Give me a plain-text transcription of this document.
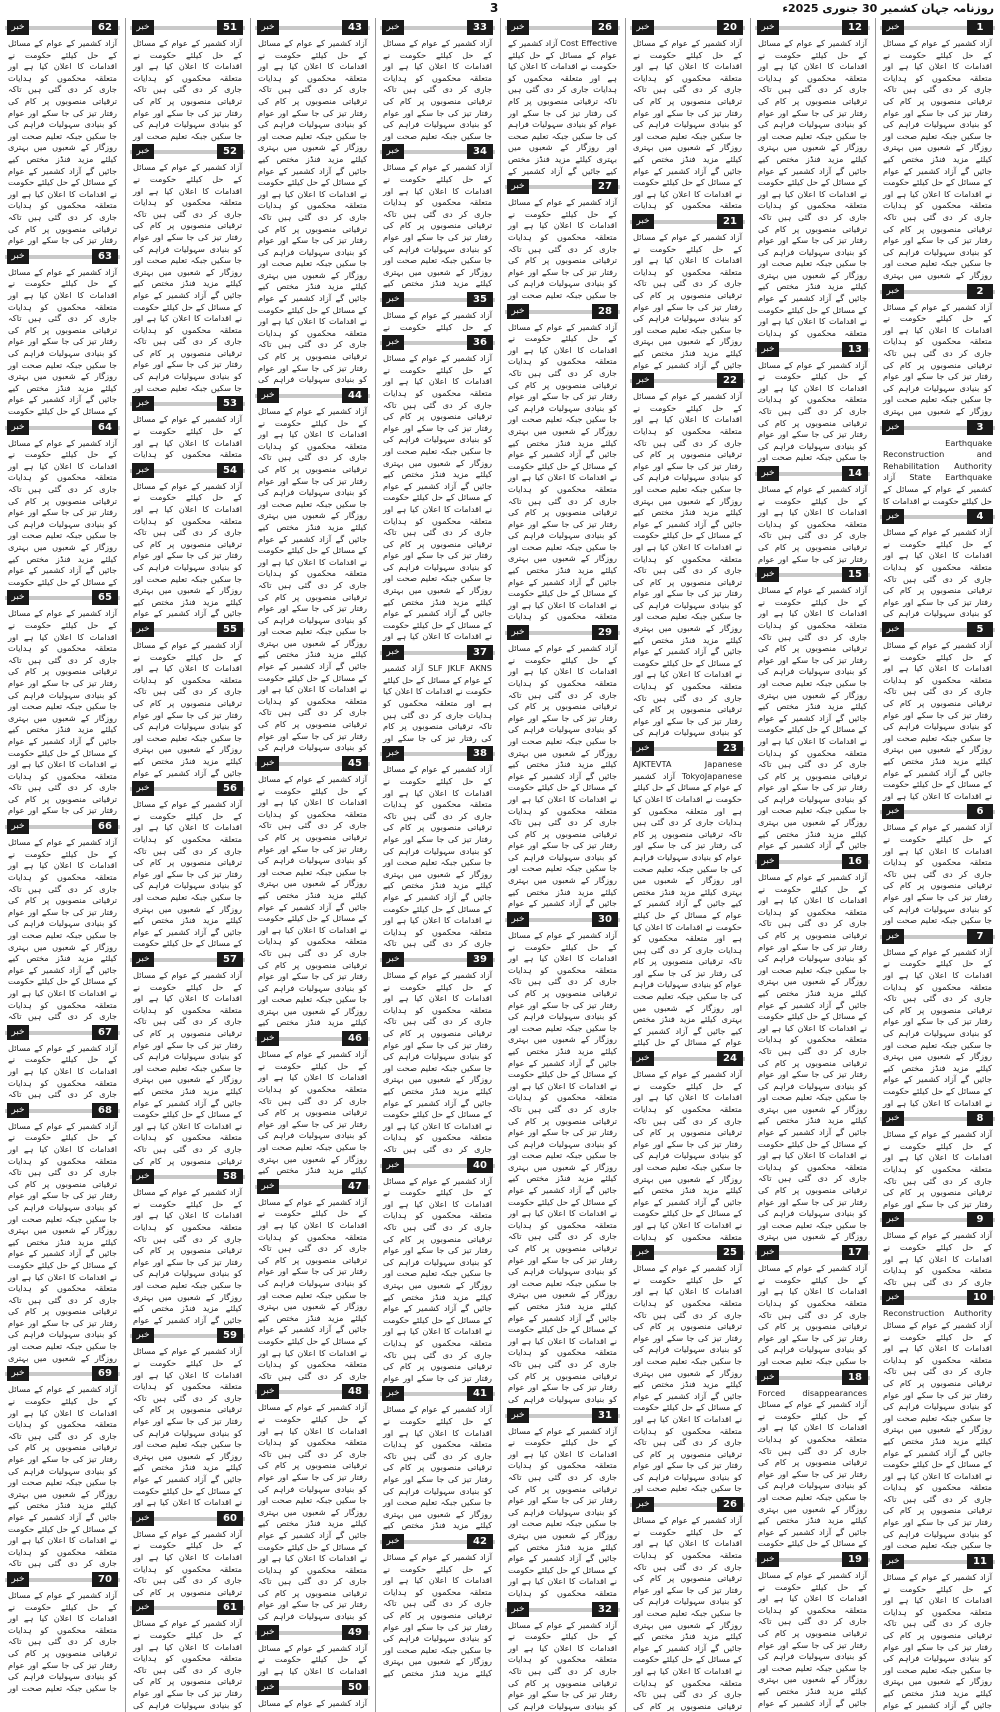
3	روزنامہ جہان کشمیر 30 جنوری 2025ء
1
خبر
آزاد کشمیر کے عوام کے مسائل کے حل کیلئے حکومت نے اقدامات کا اعلان کیا ہے اور متعلقہ محکموں کو ہدایات جاری کر دی گئی ہیں تاکہ ترقیاتی منصوبوں پر کام کی رفتار تیز کی جا سکے اور عوام کو بنیادی سہولیات فراہم کی جا سکیں جبکہ تعلیم صحت اور روزگار کے شعبوں میں بہتری کیلئے مزید فنڈز مختص کیے جائیں گے آزاد کشمیر کے عوام کے مسائل کے حل کیلئے حکومت نے اقدامات کا اعلان کیا ہے اور متعلقہ محکموں کو ہدایات جاری کر دی گئی ہیں تاکہ ترقیاتی منصوبوں پر کام کی رفتار تیز کی جا سکے اور عوام کو بنیادی سہولیات فراہم کی جا سکیں جبکہ تعلیم صحت اور روزگار کے شعبوں میں بہتری
2
خبر
آزاد کشمیر کے عوام کے مسائل کے حل کیلئے حکومت نے اقدامات کا اعلان کیا ہے اور متعلقہ محکموں کو ہدایات جاری کر دی گئی ہیں تاکہ ترقیاتی منصوبوں پر کام کی رفتار تیز کی جا سکے اور عوام کو بنیادی سہولیات فراہم کی جا سکیں جبکہ تعلیم صحت اور روزگار کے شعبوں میں بہتری
3
خبر
Earthquake Reconstruction and Rehabilitation Authority State Earthquake آزاد کشمیر کے عوام کے مسائل کے حل کیلئے حکومت نے اقدامات کا
4
خبر
آزاد کشمیر کے عوام کے مسائل کے حل کیلئے حکومت نے اقدامات کا اعلان کیا ہے اور متعلقہ محکموں کو ہدایات جاری کر دی گئی ہیں تاکہ ترقیاتی منصوبوں پر کام کی رفتار تیز کی جا سکے اور عوام کو بنیادی سہولیات فراہم کی
5
خبر
آزاد کشمیر کے عوام کے مسائل کے حل کیلئے حکومت نے اقدامات کا اعلان کیا ہے اور متعلقہ محکموں کو ہدایات جاری کر دی گئی ہیں تاکہ ترقیاتی منصوبوں پر کام کی رفتار تیز کی جا سکے اور عوام کو بنیادی سہولیات فراہم کی جا سکیں جبکہ تعلیم صحت اور روزگار کے شعبوں میں بہتری کیلئے مزید فنڈز مختص کیے جائیں گے آزاد کشمیر کے عوام کے مسائل کے حل کیلئے حکومت نے اقدامات کا اعلان کیا ہے اور
6
خبر
آزاد کشمیر کے عوام کے مسائل کے حل کیلئے حکومت نے اقدامات کا اعلان کیا ہے اور متعلقہ محکموں کو ہدایات جاری کر دی گئی ہیں تاکہ ترقیاتی منصوبوں پر کام کی رفتار تیز کی جا سکے اور عوام کو بنیادی سہولیات فراہم کی جا سکیں جبکہ تعلیم صحت اور
7
خبر
آزاد کشمیر کے عوام کے مسائل کے حل کیلئے حکومت نے اقدامات کا اعلان کیا ہے اور متعلقہ محکموں کو ہدایات جاری کر دی گئی ہیں تاکہ ترقیاتی منصوبوں پر کام کی رفتار تیز کی جا سکے اور عوام کو بنیادی سہولیات فراہم کی جا سکیں جبکہ تعلیم صحت اور روزگار کے شعبوں میں بہتری کیلئے مزید فنڈز مختص کیے جائیں گے آزاد کشمیر کے عوام کے مسائل کے حل کیلئے حکومت نے اقدامات کا اعلان کیا ہے اور
8
خبر
آزاد کشمیر کے عوام کے مسائل کے حل کیلئے حکومت نے اقدامات کا اعلان کیا ہے اور متعلقہ محکموں کو ہدایات جاری کر دی گئی ہیں تاکہ ترقیاتی منصوبوں پر کام کی رفتار تیز کی جا سکے اور عوام
9
خبر
آزاد کشمیر کے عوام کے مسائل کے حل کیلئے حکومت نے اقدامات کا اعلان کیا ہے اور متعلقہ محکموں کو ہدایات جاری کر دی گئی ہیں تاکہ
10
خبر
Reconstruction Authority آزاد کشمیر کے عوام کے مسائل کے حل کیلئے حکومت نے اقدامات کا اعلان کیا ہے اور متعلقہ محکموں کو ہدایات جاری کر دی گئی ہیں تاکہ ترقیاتی منصوبوں پر کام کی رفتار تیز کی جا سکے اور عوام کو بنیادی سہولیات فراہم کی جا سکیں جبکہ تعلیم صحت اور روزگار کے شعبوں میں بہتری کیلئے مزید فنڈز مختص کیے جائیں گے آزاد کشمیر کے عوام کے مسائل کے حل کیلئے حکومت نے اقدامات کا اعلان کیا ہے اور متعلقہ محکموں کو ہدایات جاری کر دی گئی ہیں تاکہ ترقیاتی منصوبوں پر کام کی رفتار تیز کی جا سکے اور عوام کو بنیادی سہولیات فراہم کی جا سکیں جبکہ تعلیم صحت اور
11
خبر
آزاد کشمیر کے عوام کے مسائل کے حل کیلئے حکومت نے اقدامات کا اعلان کیا ہے اور متعلقہ محکموں کو ہدایات جاری کر دی گئی ہیں تاکہ ترقیاتی منصوبوں پر کام کی رفتار تیز کی جا سکے اور عوام کو بنیادی سہولیات فراہم کی جا سکیں جبکہ تعلیم صحت اور روزگار کے شعبوں میں بہتری کیلئے مزید فنڈز مختص کیے جائیں گے آزاد کشمیر کے عوام
12
خبر
آزاد کشمیر کے عوام کے مسائل کے حل کیلئے حکومت نے اقدامات کا اعلان کیا ہے اور متعلقہ محکموں کو ہدایات جاری کر دی گئی ہیں تاکہ ترقیاتی منصوبوں پر کام کی رفتار تیز کی جا سکے اور عوام کو بنیادی سہولیات فراہم کی جا سکیں جبکہ تعلیم صحت اور روزگار کے شعبوں میں بہتری کیلئے مزید فنڈز مختص کیے جائیں گے آزاد کشمیر کے عوام کے مسائل کے حل کیلئے حکومت نے اقدامات کا اعلان کیا ہے اور متعلقہ محکموں کو ہدایات جاری کر دی گئی ہیں تاکہ ترقیاتی منصوبوں پر کام کی رفتار تیز کی جا سکے اور عوام کو بنیادی سہولیات فراہم کی جا سکیں جبکہ تعلیم صحت اور روزگار کے شعبوں میں بہتری کیلئے مزید فنڈز مختص کیے جائیں گے آزاد کشمیر کے عوام کے مسائل کے حل کیلئے حکومت نے اقدامات کا اعلان کیا ہے اور متعلقہ محکموں کو ہدایات
13
خبر
آزاد کشمیر کے عوام کے مسائل کے حل کیلئے حکومت نے اقدامات کا اعلان کیا ہے اور متعلقہ محکموں کو ہدایات جاری کر دی گئی ہیں تاکہ ترقیاتی منصوبوں پر کام کی رفتار تیز کی جا سکے اور عوام کو بنیادی سہولیات فراہم کی جا سکیں جبکہ تعلیم صحت اور
14
خبر
آزاد کشمیر کے عوام کے مسائل کے حل کیلئے حکومت نے اقدامات کا اعلان کیا ہے اور متعلقہ محکموں کو ہدایات جاری کر دی گئی ہیں تاکہ ترقیاتی منصوبوں پر کام کی رفتار تیز کی جا سکے اور عوام
15
خبر
آزاد کشمیر کے عوام کے مسائل کے حل کیلئے حکومت نے اقدامات کا اعلان کیا ہے اور متعلقہ محکموں کو ہدایات جاری کر دی گئی ہیں تاکہ ترقیاتی منصوبوں پر کام کی رفتار تیز کی جا سکے اور عوام کو بنیادی سہولیات فراہم کی جا سکیں جبکہ تعلیم صحت اور روزگار کے شعبوں میں بہتری کیلئے مزید فنڈز مختص کیے جائیں گے آزاد کشمیر کے عوام کے مسائل کے حل کیلئے حکومت نے اقدامات کا اعلان کیا ہے اور متعلقہ محکموں کو ہدایات جاری کر دی گئی ہیں تاکہ ترقیاتی منصوبوں پر کام کی رفتار تیز کی جا سکے اور عوام کو بنیادی سہولیات فراہم کی جا سکیں جبکہ تعلیم صحت اور روزگار کے شعبوں میں بہتری کیلئے مزید فنڈز مختص کیے جائیں گے آزاد کشمیر کے عوام
16
خبر
آزاد کشمیر کے عوام کے مسائل کے حل کیلئے حکومت نے اقدامات کا اعلان کیا ہے اور متعلقہ محکموں کو ہدایات جاری کر دی گئی ہیں تاکہ ترقیاتی منصوبوں پر کام کی رفتار تیز کی جا سکے اور عوام کو بنیادی سہولیات فراہم کی جا سکیں جبکہ تعلیم صحت اور روزگار کے شعبوں میں بہتری کیلئے مزید فنڈز مختص کیے جائیں گے آزاد کشمیر کے عوام کے مسائل کے حل کیلئے حکومت نے اقدامات کا اعلان کیا ہے اور متعلقہ محکموں کو ہدایات جاری کر دی گئی ہیں تاکہ ترقیاتی منصوبوں پر کام کی رفتار تیز کی جا سکے اور عوام کو بنیادی سہولیات فراہم کی جا سکیں جبکہ تعلیم صحت اور روزگار کے شعبوں میں بہتری کیلئے مزید فنڈز مختص کیے جائیں گے آزاد کشمیر کے عوام کے مسائل کے حل کیلئے حکومت نے اقدامات کا اعلان کیا ہے اور متعلقہ محکموں کو ہدایات جاری کر دی گئی ہیں تاکہ ترقیاتی منصوبوں پر کام کی رفتار تیز کی جا سکے اور عوام کو بنیادی سہولیات فراہم کی جا سکیں جبکہ تعلیم صحت اور روزگار کے شعبوں میں بہتری
17
خبر
آزاد کشمیر کے عوام کے مسائل کے حل کیلئے حکومت نے اقدامات کا اعلان کیا ہے اور متعلقہ محکموں کو ہدایات جاری کر دی گئی ہیں تاکہ ترقیاتی منصوبوں پر کام کی رفتار تیز کی جا سکے اور عوام کو بنیادی سہولیات فراہم کی جا سکیں جبکہ تعلیم صحت اور
18
خبر
Forced disappearances آزاد کشمیر کے عوام کے مسائل کے حل کیلئے حکومت نے اقدامات کا اعلان کیا ہے اور متعلقہ محکموں کو ہدایات جاری کر دی گئی ہیں تاکہ ترقیاتی منصوبوں پر کام کی رفتار تیز کی جا سکے اور عوام کو بنیادی سہولیات فراہم کی جا سکیں جبکہ تعلیم صحت اور روزگار کے شعبوں میں بہتری کیلئے مزید فنڈز مختص کیے جائیں گے آزاد کشمیر کے عوام کے مسائل کے حل کیلئے حکومت
19
خبر
آزاد کشمیر کے عوام کے مسائل کے حل کیلئے حکومت نے اقدامات کا اعلان کیا ہے اور متعلقہ محکموں کو ہدایات جاری کر دی گئی ہیں تاکہ ترقیاتی منصوبوں پر کام کی رفتار تیز کی جا سکے اور عوام کو بنیادی سہولیات فراہم کی جا سکیں جبکہ تعلیم صحت اور روزگار کے شعبوں میں بہتری کیلئے مزید فنڈز مختص کیے جائیں گے آزاد کشمیر کے عوام
20
خبر
آزاد کشمیر کے عوام کے مسائل کے حل کیلئے حکومت نے اقدامات کا اعلان کیا ہے اور متعلقہ محکموں کو ہدایات جاری کر دی گئی ہیں تاکہ ترقیاتی منصوبوں پر کام کی رفتار تیز کی جا سکے اور عوام کو بنیادی سہولیات فراہم کی جا سکیں جبکہ تعلیم صحت اور روزگار کے شعبوں میں بہتری کیلئے مزید فنڈز مختص کیے جائیں گے آزاد کشمیر کے عوام کے مسائل کے حل کیلئے حکومت نے اقدامات کا اعلان کیا ہے اور متعلقہ محکموں کو ہدایات
21
خبر
آزاد کشمیر کے عوام کے مسائل کے حل کیلئے حکومت نے اقدامات کا اعلان کیا ہے اور متعلقہ محکموں کو ہدایات جاری کر دی گئی ہیں تاکہ ترقیاتی منصوبوں پر کام کی رفتار تیز کی جا سکے اور عوام کو بنیادی سہولیات فراہم کی جا سکیں جبکہ تعلیم صحت اور روزگار کے شعبوں میں بہتری کیلئے مزید فنڈز مختص کیے جائیں گے آزاد کشمیر کے عوام
22
خبر
آزاد کشمیر کے عوام کے مسائل کے حل کیلئے حکومت نے اقدامات کا اعلان کیا ہے اور متعلقہ محکموں کو ہدایات جاری کر دی گئی ہیں تاکہ ترقیاتی منصوبوں پر کام کی رفتار تیز کی جا سکے اور عوام کو بنیادی سہولیات فراہم کی جا سکیں جبکہ تعلیم صحت اور روزگار کے شعبوں میں بہتری کیلئے مزید فنڈز مختص کیے جائیں گے آزاد کشمیر کے عوام کے مسائل کے حل کیلئے حکومت نے اقدامات کا اعلان کیا ہے اور متعلقہ محکموں کو ہدایات جاری کر دی گئی ہیں تاکہ ترقیاتی منصوبوں پر کام کی رفتار تیز کی جا سکے اور عوام کو بنیادی سہولیات فراہم کی جا سکیں جبکہ تعلیم صحت اور روزگار کے شعبوں میں بہتری کیلئے مزید فنڈز مختص کیے جائیں گے آزاد کشمیر کے عوام کے مسائل کے حل کیلئے حکومت نے اقدامات کا اعلان کیا ہے اور متعلقہ محکموں کو ہدایات جاری کر دی گئی ہیں تاکہ ترقیاتی منصوبوں پر کام کی رفتار تیز کی جا سکے اور عوام کو بنیادی سہولیات فراہم کی
23
خبر
AJKTEVTA Japanese TokyoJapanese آزاد کشمیر کے عوام کے مسائل کے حل کیلئے حکومت نے اقدامات کا اعلان کیا ہے اور متعلقہ محکموں کو ہدایات جاری کر دی گئی ہیں تاکہ ترقیاتی منصوبوں پر کام کی رفتار تیز کی جا سکے اور عوام کو بنیادی سہولیات فراہم کی جا سکیں جبکہ تعلیم صحت اور روزگار کے شعبوں میں بہتری کیلئے مزید فنڈز مختص کیے جائیں گے آزاد کشمیر کے عوام کے مسائل کے حل کیلئے حکومت نے اقدامات کا اعلان کیا ہے اور متعلقہ محکموں کو ہدایات جاری کر دی گئی ہیں تاکہ ترقیاتی منصوبوں پر کام کی رفتار تیز کی جا سکے اور عوام کو بنیادی سہولیات فراہم کی جا سکیں جبکہ تعلیم صحت اور روزگار کے شعبوں میں بہتری کیلئے مزید فنڈز مختص کیے جائیں گے آزاد کشمیر کے عوام کے مسائل کے حل کیلئے
24
خبر
آزاد کشمیر کے عوام کے مسائل کے حل کیلئے حکومت نے اقدامات کا اعلان کیا ہے اور متعلقہ محکموں کو ہدایات جاری کر دی گئی ہیں تاکہ ترقیاتی منصوبوں پر کام کی رفتار تیز کی جا سکے اور عوام کو بنیادی سہولیات فراہم کی جا سکیں جبکہ تعلیم صحت اور روزگار کے شعبوں میں بہتری کیلئے مزید فنڈز مختص کیے جائیں گے آزاد کشمیر کے عوام کے مسائل کے حل کیلئے حکومت نے اقدامات کا اعلان کیا ہے اور متعلقہ محکموں کو ہدایات
25
خبر
آزاد کشمیر کے عوام کے مسائل کے حل کیلئے حکومت نے اقدامات کا اعلان کیا ہے اور متعلقہ محکموں کو ہدایات جاری کر دی گئی ہیں تاکہ ترقیاتی منصوبوں پر کام کی رفتار تیز کی جا سکے اور عوام کو بنیادی سہولیات فراہم کی جا سکیں جبکہ تعلیم صحت اور روزگار کے شعبوں میں بہتری کیلئے مزید فنڈز مختص کیے جائیں گے آزاد کشمیر کے عوام کے مسائل کے حل کیلئے حکومت نے اقدامات کا اعلان کیا ہے اور متعلقہ محکموں کو ہدایات جاری کر دی گئی ہیں تاکہ ترقیاتی منصوبوں پر کام کی رفتار تیز کی جا سکے اور عوام کو بنیادی سہولیات فراہم کی جا سکیں جبکہ تعلیم صحت اور
26
خبر
آزاد کشمیر کے عوام کے مسائل کے حل کیلئے حکومت نے اقدامات کا اعلان کیا ہے اور متعلقہ محکموں کو ہدایات جاری کر دی گئی ہیں تاکہ ترقیاتی منصوبوں پر کام کی رفتار تیز کی جا سکے اور عوام کو بنیادی سہولیات فراہم کی جا سکیں جبکہ تعلیم صحت اور روزگار کے شعبوں میں بہتری کیلئے مزید فنڈز مختص کیے جائیں گے آزاد کشمیر کے عوام کے مسائل کے حل کیلئے حکومت نے اقدامات کا اعلان کیا ہے اور متعلقہ محکموں کو ہدایات جاری کر دی گئی ہیں تاکہ ترقیاتی منصوبوں پر کام کی
26
خبر
Cost Effective آزاد کشمیر کے عوام کے مسائل کے حل کیلئے حکومت نے اقدامات کا اعلان کیا ہے اور متعلقہ محکموں کو ہدایات جاری کر دی گئی ہیں تاکہ ترقیاتی منصوبوں پر کام کی رفتار تیز کی جا سکے اور عوام کو بنیادی سہولیات فراہم کی جا سکیں جبکہ تعلیم صحت اور روزگار کے شعبوں میں بہتری کیلئے مزید فنڈز مختص کیے جائیں گے آزاد کشمیر کے
27
خبر
آزاد کشمیر کے عوام کے مسائل کے حل کیلئے حکومت نے اقدامات کا اعلان کیا ہے اور متعلقہ محکموں کو ہدایات جاری کر دی گئی ہیں تاکہ ترقیاتی منصوبوں پر کام کی رفتار تیز کی جا سکے اور عوام کو بنیادی سہولیات فراہم کی جا سکیں جبکہ تعلیم صحت اور
28
خبر
آزاد کشمیر کے عوام کے مسائل کے حل کیلئے حکومت نے اقدامات کا اعلان کیا ہے اور متعلقہ محکموں کو ہدایات جاری کر دی گئی ہیں تاکہ ترقیاتی منصوبوں پر کام کی رفتار تیز کی جا سکے اور عوام کو بنیادی سہولیات فراہم کی جا سکیں جبکہ تعلیم صحت اور روزگار کے شعبوں میں بہتری کیلئے مزید فنڈز مختص کیے جائیں گے آزاد کشمیر کے عوام کے مسائل کے حل کیلئے حکومت نے اقدامات کا اعلان کیا ہے اور متعلقہ محکموں کو ہدایات جاری کر دی گئی ہیں تاکہ ترقیاتی منصوبوں پر کام کی رفتار تیز کی جا سکے اور عوام کو بنیادی سہولیات فراہم کی جا سکیں جبکہ تعلیم صحت اور روزگار کے شعبوں میں بہتری کیلئے مزید فنڈز مختص کیے جائیں گے آزاد کشمیر کے عوام کے مسائل کے حل کیلئے حکومت نے اقدامات کا اعلان کیا ہے اور متعلقہ محکموں کو ہدایات
29
خبر
آزاد کشمیر کے عوام کے مسائل کے حل کیلئے حکومت نے اقدامات کا اعلان کیا ہے اور متعلقہ محکموں کو ہدایات جاری کر دی گئی ہیں تاکہ ترقیاتی منصوبوں پر کام کی رفتار تیز کی جا سکے اور عوام کو بنیادی سہولیات فراہم کی جا سکیں جبکہ تعلیم صحت اور روزگار کے شعبوں میں بہتری کیلئے مزید فنڈز مختص کیے جائیں گے آزاد کشمیر کے عوام کے مسائل کے حل کیلئے حکومت نے اقدامات کا اعلان کیا ہے اور متعلقہ محکموں کو ہدایات جاری کر دی گئی ہیں تاکہ ترقیاتی منصوبوں پر کام کی رفتار تیز کی جا سکے اور عوام کو بنیادی سہولیات فراہم کی جا سکیں جبکہ تعلیم صحت اور روزگار کے شعبوں میں بہتری کیلئے مزید فنڈز مختص کیے جائیں گے آزاد کشمیر کے عوام
30
خبر
آزاد کشمیر کے عوام کے مسائل کے حل کیلئے حکومت نے اقدامات کا اعلان کیا ہے اور متعلقہ محکموں کو ہدایات جاری کر دی گئی ہیں تاکہ ترقیاتی منصوبوں پر کام کی رفتار تیز کی جا سکے اور عوام کو بنیادی سہولیات فراہم کی جا سکیں جبکہ تعلیم صحت اور روزگار کے شعبوں میں بہتری کیلئے مزید فنڈز مختص کیے جائیں گے آزاد کشمیر کے عوام کے مسائل کے حل کیلئے حکومت نے اقدامات کا اعلان کیا ہے اور متعلقہ محکموں کو ہدایات جاری کر دی گئی ہیں تاکہ ترقیاتی منصوبوں پر کام کی رفتار تیز کی جا سکے اور عوام کو بنیادی سہولیات فراہم کی جا سکیں جبکہ تعلیم صحت اور روزگار کے شعبوں میں بہتری کیلئے مزید فنڈز مختص کیے جائیں گے آزاد کشمیر کے عوام کے مسائل کے حل کیلئے حکومت نے اقدامات کا اعلان کیا ہے اور متعلقہ محکموں کو ہدایات جاری کر دی گئی ہیں تاکہ ترقیاتی منصوبوں پر کام کی رفتار تیز کی جا سکے اور عوام کو بنیادی سہولیات فراہم کی جا سکیں جبکہ تعلیم صحت اور روزگار کے شعبوں میں بہتری کیلئے مزید فنڈز مختص کیے جائیں گے آزاد کشمیر کے عوام کے مسائل کے حل کیلئے حکومت نے اقدامات کا اعلان کیا ہے اور متعلقہ محکموں کو ہدایات جاری کر دی گئی ہیں تاکہ ترقیاتی منصوبوں پر کام کی رفتار تیز کی جا سکے اور عوام کو بنیادی سہولیات فراہم کی
31
خبر
آزاد کشمیر کے عوام کے مسائل کے حل کیلئے حکومت نے اقدامات کا اعلان کیا ہے اور متعلقہ محکموں کو ہدایات جاری کر دی گئی ہیں تاکہ ترقیاتی منصوبوں پر کام کی رفتار تیز کی جا سکے اور عوام کو بنیادی سہولیات فراہم کی جا سکیں جبکہ تعلیم صحت اور روزگار کے شعبوں میں بہتری کیلئے مزید فنڈز مختص کیے جائیں گے آزاد کشمیر کے عوام کے مسائل کے حل کیلئے حکومت نے اقدامات کا اعلان کیا ہے اور متعلقہ محکموں کو ہدایات
32
خبر
آزاد کشمیر کے عوام کے مسائل کے حل کیلئے حکومت نے اقدامات کا اعلان کیا ہے اور متعلقہ محکموں کو ہدایات جاری کر دی گئی ہیں تاکہ ترقیاتی منصوبوں پر کام کی رفتار تیز کی جا سکے اور عوام کو بنیادی سہولیات فراہم کی
33
خبر
آزاد کشمیر کے عوام کے مسائل کے حل کیلئے حکومت نے اقدامات کا اعلان کیا ہے اور متعلقہ محکموں کو ہدایات جاری کر دی گئی ہیں تاکہ ترقیاتی منصوبوں پر کام کی رفتار تیز کی جا سکے اور عوام کو بنیادی سہولیات فراہم کی جا سکیں جبکہ تعلیم صحت اور
34
خبر
آزاد کشمیر کے عوام کے مسائل کے حل کیلئے حکومت نے اقدامات کا اعلان کیا ہے اور متعلقہ محکموں کو ہدایات جاری کر دی گئی ہیں تاکہ ترقیاتی منصوبوں پر کام کی رفتار تیز کی جا سکے اور عوام کو بنیادی سہولیات فراہم کی جا سکیں جبکہ تعلیم صحت اور روزگار کے شعبوں میں بہتری کیلئے مزید فنڈز مختص کیے
35
خبر
آزاد کشمیر کے عوام کے مسائل کے حل کیلئے حکومت نے
36
خبر
آزاد کشمیر کے عوام کے مسائل کے حل کیلئے حکومت نے اقدامات کا اعلان کیا ہے اور متعلقہ محکموں کو ہدایات جاری کر دی گئی ہیں تاکہ ترقیاتی منصوبوں پر کام کی رفتار تیز کی جا سکے اور عوام کو بنیادی سہولیات فراہم کی جا سکیں جبکہ تعلیم صحت اور روزگار کے شعبوں میں بہتری کیلئے مزید فنڈز مختص کیے جائیں گے آزاد کشمیر کے عوام کے مسائل کے حل کیلئے حکومت نے اقدامات کا اعلان کیا ہے اور متعلقہ محکموں کو ہدایات جاری کر دی گئی ہیں تاکہ ترقیاتی منصوبوں پر کام کی رفتار تیز کی جا سکے اور عوام کو بنیادی سہولیات فراہم کی جا سکیں جبکہ تعلیم صحت اور روزگار کے شعبوں میں بہتری کیلئے مزید فنڈز مختص کیے جائیں گے آزاد کشمیر کے عوام کے مسائل کے حل کیلئے حکومت نے اقدامات کا اعلان کیا ہے اور
37
خبر
SLF JKLF AKNS آزاد کشمیر کے عوام کے مسائل کے حل کیلئے حکومت نے اقدامات کا اعلان کیا ہے اور متعلقہ محکموں کو ہدایات جاری کر دی گئی ہیں تاکہ ترقیاتی منصوبوں پر کام کی رفتار تیز کی جا سکے اور
38
خبر
آزاد کشمیر کے عوام کے مسائل کے حل کیلئے حکومت نے اقدامات کا اعلان کیا ہے اور متعلقہ محکموں کو ہدایات جاری کر دی گئی ہیں تاکہ ترقیاتی منصوبوں پر کام کی رفتار تیز کی جا سکے اور عوام کو بنیادی سہولیات فراہم کی جا سکیں جبکہ تعلیم صحت اور روزگار کے شعبوں میں بہتری کیلئے مزید فنڈز مختص کیے جائیں گے آزاد کشمیر کے عوام کے مسائل کے حل کیلئے حکومت نے اقدامات کا اعلان کیا ہے اور متعلقہ محکموں کو ہدایات جاری کر دی گئی ہیں تاکہ
39
خبر
آزاد کشمیر کے عوام کے مسائل کے حل کیلئے حکومت نے اقدامات کا اعلان کیا ہے اور متعلقہ محکموں کو ہدایات جاری کر دی گئی ہیں تاکہ ترقیاتی منصوبوں پر کام کی رفتار تیز کی جا سکے اور عوام کو بنیادی سہولیات فراہم کی جا سکیں جبکہ تعلیم صحت اور روزگار کے شعبوں میں بہتری کیلئے مزید فنڈز مختص کیے جائیں گے آزاد کشمیر کے عوام کے مسائل کے حل کیلئے حکومت نے اقدامات کا اعلان کیا ہے اور متعلقہ محکموں کو ہدایات جاری کر دی گئی ہیں تاکہ
40
خبر
آزاد کشمیر کے عوام کے مسائل کے حل کیلئے حکومت نے اقدامات کا اعلان کیا ہے اور متعلقہ محکموں کو ہدایات جاری کر دی گئی ہیں تاکہ ترقیاتی منصوبوں پر کام کی رفتار تیز کی جا سکے اور عوام کو بنیادی سہولیات فراہم کی جا سکیں جبکہ تعلیم صحت اور روزگار کے شعبوں میں بہتری کیلئے مزید فنڈز مختص کیے جائیں گے آزاد کشمیر کے عوام کے مسائل کے حل کیلئے حکومت نے اقدامات کا اعلان کیا ہے اور متعلقہ محکموں کو ہدایات جاری کر دی گئی ہیں تاکہ ترقیاتی منصوبوں پر کام کی رفتار تیز کی جا سکے اور عوام
41
خبر
آزاد کشمیر کے عوام کے مسائل کے حل کیلئے حکومت نے اقدامات کا اعلان کیا ہے اور متعلقہ محکموں کو ہدایات جاری کر دی گئی ہیں تاکہ ترقیاتی منصوبوں پر کام کی رفتار تیز کی جا سکے اور عوام کو بنیادی سہولیات فراہم کی جا سکیں جبکہ تعلیم صحت اور روزگار کے شعبوں میں بہتری کیلئے مزید فنڈز مختص کیے
42
خبر
آزاد کشمیر کے عوام کے مسائل کے حل کیلئے حکومت نے اقدامات کا اعلان کیا ہے اور متعلقہ محکموں کو ہدایات جاری کر دی گئی ہیں تاکہ ترقیاتی منصوبوں پر کام کی رفتار تیز کی جا سکے اور عوام کو بنیادی سہولیات فراہم کی جا سکیں جبکہ تعلیم صحت اور روزگار کے شعبوں میں بہتری کیلئے مزید فنڈز مختص کیے
43
خبر
آزاد کشمیر کے عوام کے مسائل کے حل کیلئے حکومت نے اقدامات کا اعلان کیا ہے اور متعلقہ محکموں کو ہدایات جاری کر دی گئی ہیں تاکہ ترقیاتی منصوبوں پر کام کی رفتار تیز کی جا سکے اور عوام کو بنیادی سہولیات فراہم کی جا سکیں جبکہ تعلیم صحت اور روزگار کے شعبوں میں بہتری کیلئے مزید فنڈز مختص کیے جائیں گے آزاد کشمیر کے عوام کے مسائل کے حل کیلئے حکومت نے اقدامات کا اعلان کیا ہے اور متعلقہ محکموں کو ہدایات جاری کر دی گئی ہیں تاکہ ترقیاتی منصوبوں پر کام کی رفتار تیز کی جا سکے اور عوام کو بنیادی سہولیات فراہم کی جا سکیں جبکہ تعلیم صحت اور روزگار کے شعبوں میں بہتری کیلئے مزید فنڈز مختص کیے جائیں گے آزاد کشمیر کے عوام کے مسائل کے حل کیلئے حکومت نے اقدامات کا اعلان کیا ہے اور متعلقہ محکموں کو ہدایات جاری کر دی گئی ہیں تاکہ ترقیاتی منصوبوں پر کام کی رفتار تیز کی جا سکے اور عوام کو بنیادی سہولیات فراہم کی
44
خبر
آزاد کشمیر کے عوام کے مسائل کے حل کیلئے حکومت نے اقدامات کا اعلان کیا ہے اور متعلقہ محکموں کو ہدایات جاری کر دی گئی ہیں تاکہ ترقیاتی منصوبوں پر کام کی رفتار تیز کی جا سکے اور عوام کو بنیادی سہولیات فراہم کی جا سکیں جبکہ تعلیم صحت اور روزگار کے شعبوں میں بہتری کیلئے مزید فنڈز مختص کیے جائیں گے آزاد کشمیر کے عوام کے مسائل کے حل کیلئے حکومت نے اقدامات کا اعلان کیا ہے اور متعلقہ محکموں کو ہدایات جاری کر دی گئی ہیں تاکہ ترقیاتی منصوبوں پر کام کی رفتار تیز کی جا سکے اور عوام کو بنیادی سہولیات فراہم کی جا سکیں جبکہ تعلیم صحت اور روزگار کے شعبوں میں بہتری کیلئے مزید فنڈز مختص کیے جائیں گے آزاد کشمیر کے عوام کے مسائل کے حل کیلئے حکومت نے اقدامات کا اعلان کیا ہے اور متعلقہ محکموں کو ہدایات جاری کر دی گئی ہیں تاکہ ترقیاتی منصوبوں پر کام کی رفتار تیز کی جا سکے اور عوام کو بنیادی سہولیات فراہم کی
45
خبر
آزاد کشمیر کے عوام کے مسائل کے حل کیلئے حکومت نے اقدامات کا اعلان کیا ہے اور متعلقہ محکموں کو ہدایات جاری کر دی گئی ہیں تاکہ ترقیاتی منصوبوں پر کام کی رفتار تیز کی جا سکے اور عوام کو بنیادی سہولیات فراہم کی جا سکیں جبکہ تعلیم صحت اور روزگار کے شعبوں میں بہتری کیلئے مزید فنڈز مختص کیے جائیں گے آزاد کشمیر کے عوام کے مسائل کے حل کیلئے حکومت نے اقدامات کا اعلان کیا ہے اور متعلقہ محکموں کو ہدایات جاری کر دی گئی ہیں تاکہ ترقیاتی منصوبوں پر کام کی رفتار تیز کی جا سکے اور عوام کو بنیادی سہولیات فراہم کی جا سکیں جبکہ تعلیم صحت اور روزگار کے شعبوں میں بہتری کیلئے مزید فنڈز مختص کیے
46
خبر
آزاد کشمیر کے عوام کے مسائل کے حل کیلئے حکومت نے اقدامات کا اعلان کیا ہے اور متعلقہ محکموں کو ہدایات جاری کر دی گئی ہیں تاکہ ترقیاتی منصوبوں پر کام کی رفتار تیز کی جا سکے اور عوام کو بنیادی سہولیات فراہم کی جا سکیں جبکہ تعلیم صحت اور روزگار کے شعبوں میں بہتری کیلئے مزید فنڈز مختص کیے
47
خبر
آزاد کشمیر کے عوام کے مسائل کے حل کیلئے حکومت نے اقدامات کا اعلان کیا ہے اور متعلقہ محکموں کو ہدایات جاری کر دی گئی ہیں تاکہ ترقیاتی منصوبوں پر کام کی رفتار تیز کی جا سکے اور عوام کو بنیادی سہولیات فراہم کی جا سکیں جبکہ تعلیم صحت اور روزگار کے شعبوں میں بہتری کیلئے مزید فنڈز مختص کیے جائیں گے آزاد کشمیر کے عوام کے مسائل کے حل کیلئے حکومت نے اقدامات کا اعلان کیا ہے اور متعلقہ محکموں کو ہدایات جاری کر دی گئی ہیں تاکہ
48
خبر
آزاد کشمیر کے عوام کے مسائل کے حل کیلئے حکومت نے اقدامات کا اعلان کیا ہے اور متعلقہ محکموں کو ہدایات جاری کر دی گئی ہیں تاکہ ترقیاتی منصوبوں پر کام کی رفتار تیز کی جا سکے اور عوام کو بنیادی سہولیات فراہم کی جا سکیں جبکہ تعلیم صحت اور روزگار کے شعبوں میں بہتری کیلئے مزید فنڈز مختص کیے جائیں گے آزاد کشمیر کے عوام کے مسائل کے حل کیلئے حکومت نے اقدامات کا اعلان کیا ہے اور متعلقہ محکموں کو ہدایات جاری کر دی گئی ہیں تاکہ ترقیاتی منصوبوں پر کام کی رفتار تیز کی جا سکے اور عوام کو بنیادی سہولیات فراہم کی
49
خبر
آزاد کشمیر کے عوام کے مسائل کے حل کیلئے حکومت نے اقدامات کا اعلان کیا ہے اور
50
خبر
آزاد کشمیر کے عوام کے مسائل
51
خبر
آزاد کشمیر کے عوام کے مسائل کے حل کیلئے حکومت نے اقدامات کا اعلان کیا ہے اور متعلقہ محکموں کو ہدایات جاری کر دی گئی ہیں تاکہ ترقیاتی منصوبوں پر کام کی رفتار تیز کی جا سکے اور عوام کو بنیادی سہولیات فراہم کی جا سکیں جبکہ تعلیم صحت اور
52
خبر
آزاد کشمیر کے عوام کے مسائل کے حل کیلئے حکومت نے اقدامات کا اعلان کیا ہے اور متعلقہ محکموں کو ہدایات جاری کر دی گئی ہیں تاکہ ترقیاتی منصوبوں پر کام کی رفتار تیز کی جا سکے اور عوام کو بنیادی سہولیات فراہم کی جا سکیں جبکہ تعلیم صحت اور روزگار کے شعبوں میں بہتری کیلئے مزید فنڈز مختص کیے جائیں گے آزاد کشمیر کے عوام کے مسائل کے حل کیلئے حکومت نے اقدامات کا اعلان کیا ہے اور متعلقہ محکموں کو ہدایات جاری کر دی گئی ہیں تاکہ ترقیاتی منصوبوں پر کام کی رفتار تیز کی جا سکے اور عوام کو بنیادی سہولیات فراہم کی جا سکیں جبکہ تعلیم صحت اور
53
خبر
آزاد کشمیر کے عوام کے مسائل کے حل کیلئے حکومت نے اقدامات کا اعلان کیا ہے اور متعلقہ محکموں کو ہدایات
54
خبر
آزاد کشمیر کے عوام کے مسائل کے حل کیلئے حکومت نے اقدامات کا اعلان کیا ہے اور متعلقہ محکموں کو ہدایات جاری کر دی گئی ہیں تاکہ ترقیاتی منصوبوں پر کام کی رفتار تیز کی جا سکے اور عوام کو بنیادی سہولیات فراہم کی جا سکیں جبکہ تعلیم صحت اور روزگار کے شعبوں میں بہتری کیلئے مزید فنڈز مختص کیے جائیں گے آزاد کشمیر کے عوام
55
خبر
آزاد کشمیر کے عوام کے مسائل کے حل کیلئے حکومت نے اقدامات کا اعلان کیا ہے اور متعلقہ محکموں کو ہدایات جاری کر دی گئی ہیں تاکہ ترقیاتی منصوبوں پر کام کی رفتار تیز کی جا سکے اور عوام کو بنیادی سہولیات فراہم کی جا سکیں جبکہ تعلیم صحت اور روزگار کے شعبوں میں بہتری کیلئے مزید فنڈز مختص کیے جائیں گے آزاد کشمیر کے عوام
56
خبر
آزاد کشمیر کے عوام کے مسائل کے حل کیلئے حکومت نے اقدامات کا اعلان کیا ہے اور متعلقہ محکموں کو ہدایات جاری کر دی گئی ہیں تاکہ ترقیاتی منصوبوں پر کام کی رفتار تیز کی جا سکے اور عوام کو بنیادی سہولیات فراہم کی جا سکیں جبکہ تعلیم صحت اور روزگار کے شعبوں میں بہتری کیلئے مزید فنڈز مختص کیے جائیں گے آزاد کشمیر کے عوام کے مسائل کے حل کیلئے حکومت
57
خبر
آزاد کشمیر کے عوام کے مسائل کے حل کیلئے حکومت نے اقدامات کا اعلان کیا ہے اور متعلقہ محکموں کو ہدایات جاری کر دی گئی ہیں تاکہ ترقیاتی منصوبوں پر کام کی رفتار تیز کی جا سکے اور عوام کو بنیادی سہولیات فراہم کی جا سکیں جبکہ تعلیم صحت اور روزگار کے شعبوں میں بہتری کیلئے مزید فنڈز مختص کیے جائیں گے آزاد کشمیر کے عوام کے مسائل کے حل کیلئے حکومت نے اقدامات کا اعلان کیا ہے اور متعلقہ محکموں کو ہدایات جاری کر دی گئی ہیں تاکہ ترقیاتی منصوبوں پر کام کی
58
خبر
آزاد کشمیر کے عوام کے مسائل کے حل کیلئے حکومت نے اقدامات کا اعلان کیا ہے اور متعلقہ محکموں کو ہدایات جاری کر دی گئی ہیں تاکہ ترقیاتی منصوبوں پر کام کی رفتار تیز کی جا سکے اور عوام کو بنیادی سہولیات فراہم کی جا سکیں جبکہ تعلیم صحت اور روزگار کے شعبوں میں بہتری کیلئے مزید فنڈز مختص کیے جائیں گے آزاد کشمیر کے عوام
59
خبر
آزاد کشمیر کے عوام کے مسائل کے حل کیلئے حکومت نے اقدامات کا اعلان کیا ہے اور متعلقہ محکموں کو ہدایات جاری کر دی گئی ہیں تاکہ ترقیاتی منصوبوں پر کام کی رفتار تیز کی جا سکے اور عوام کو بنیادی سہولیات فراہم کی جا سکیں جبکہ تعلیم صحت اور روزگار کے شعبوں میں بہتری کیلئے مزید فنڈز مختص کیے جائیں گے آزاد کشمیر کے عوام کے مسائل کے حل کیلئے حکومت نے اقدامات کا اعلان کیا ہے اور
60
خبر
آزاد کشمیر کے عوام کے مسائل کے حل کیلئے حکومت نے اقدامات کا اعلان کیا ہے اور متعلقہ محکموں کو ہدایات جاری کر دی گئی ہیں تاکہ ترقیاتی منصوبوں پر کام کی
61
خبر
آزاد کشمیر کے عوام کے مسائل کے حل کیلئے حکومت نے اقدامات کا اعلان کیا ہے اور متعلقہ محکموں کو ہدایات جاری کر دی گئی ہیں تاکہ ترقیاتی منصوبوں پر کام کی رفتار تیز کی جا سکے اور عوام کو بنیادی سہولیات فراہم کی
62
خبر
آزاد کشمیر کے عوام کے مسائل کے حل کیلئے حکومت نے اقدامات کا اعلان کیا ہے اور متعلقہ محکموں کو ہدایات جاری کر دی گئی ہیں تاکہ ترقیاتی منصوبوں پر کام کی رفتار تیز کی جا سکے اور عوام کو بنیادی سہولیات فراہم کی جا سکیں جبکہ تعلیم صحت اور روزگار کے شعبوں میں بہتری کیلئے مزید فنڈز مختص کیے جائیں گے آزاد کشمیر کے عوام کے مسائل کے حل کیلئے حکومت نے اقدامات کا اعلان کیا ہے اور متعلقہ محکموں کو ہدایات جاری کر دی گئی ہیں تاکہ ترقیاتی منصوبوں پر کام کی رفتار تیز کی جا سکے اور عوام
63
خبر
آزاد کشمیر کے عوام کے مسائل کے حل کیلئے حکومت نے اقدامات کا اعلان کیا ہے اور متعلقہ محکموں کو ہدایات جاری کر دی گئی ہیں تاکہ ترقیاتی منصوبوں پر کام کی رفتار تیز کی جا سکے اور عوام کو بنیادی سہولیات فراہم کی جا سکیں جبکہ تعلیم صحت اور روزگار کے شعبوں میں بہتری کیلئے مزید فنڈز مختص کیے جائیں گے آزاد کشمیر کے عوام کے مسائل کے حل کیلئے حکومت
64
خبر
آزاد کشمیر کے عوام کے مسائل کے حل کیلئے حکومت نے اقدامات کا اعلان کیا ہے اور متعلقہ محکموں کو ہدایات جاری کر دی گئی ہیں تاکہ ترقیاتی منصوبوں پر کام کی رفتار تیز کی جا سکے اور عوام کو بنیادی سہولیات فراہم کی جا سکیں جبکہ تعلیم صحت اور روزگار کے شعبوں میں بہتری کیلئے مزید فنڈز مختص کیے جائیں گے آزاد کشمیر کے عوام کے مسائل کے حل کیلئے حکومت
65
خبر
آزاد کشمیر کے عوام کے مسائل کے حل کیلئے حکومت نے اقدامات کا اعلان کیا ہے اور متعلقہ محکموں کو ہدایات جاری کر دی گئی ہیں تاکہ ترقیاتی منصوبوں پر کام کی رفتار تیز کی جا سکے اور عوام کو بنیادی سہولیات فراہم کی جا سکیں جبکہ تعلیم صحت اور روزگار کے شعبوں میں بہتری کیلئے مزید فنڈز مختص کیے جائیں گے آزاد کشمیر کے عوام کے مسائل کے حل کیلئے حکومت نے اقدامات کا اعلان کیا ہے اور متعلقہ محکموں کو ہدایات جاری کر دی گئی ہیں تاکہ ترقیاتی منصوبوں پر کام کی رفتار تیز کی جا سکے اور عوام
66
خبر
آزاد کشمیر کے عوام کے مسائل کے حل کیلئے حکومت نے اقدامات کا اعلان کیا ہے اور متعلقہ محکموں کو ہدایات جاری کر دی گئی ہیں تاکہ ترقیاتی منصوبوں پر کام کی رفتار تیز کی جا سکے اور عوام کو بنیادی سہولیات فراہم کی جا سکیں جبکہ تعلیم صحت اور روزگار کے شعبوں میں بہتری کیلئے مزید فنڈز مختص کیے جائیں گے آزاد کشمیر کے عوام کے مسائل کے حل کیلئے حکومت نے اقدامات کا اعلان کیا ہے اور متعلقہ محکموں کو ہدایات جاری کر دی گئی ہیں تاکہ
67
خبر
آزاد کشمیر کے عوام کے مسائل کے حل کیلئے حکومت نے اقدامات کا اعلان کیا ہے اور متعلقہ محکموں کو ہدایات جاری کر دی گئی ہیں تاکہ
68
خبر
آزاد کشمیر کے عوام کے مسائل کے حل کیلئے حکومت نے اقدامات کا اعلان کیا ہے اور متعلقہ محکموں کو ہدایات جاری کر دی گئی ہیں تاکہ ترقیاتی منصوبوں پر کام کی رفتار تیز کی جا سکے اور عوام کو بنیادی سہولیات فراہم کی جا سکیں جبکہ تعلیم صحت اور روزگار کے شعبوں میں بہتری کیلئے مزید فنڈز مختص کیے جائیں گے آزاد کشمیر کے عوام کے مسائل کے حل کیلئے حکومت نے اقدامات کا اعلان کیا ہے اور متعلقہ محکموں کو ہدایات جاری کر دی گئی ہیں تاکہ ترقیاتی منصوبوں پر کام کی رفتار تیز کی جا سکے اور عوام کو بنیادی سہولیات فراہم کی جا سکیں جبکہ تعلیم صحت اور روزگار کے شعبوں میں بہتری
69
خبر
آزاد کشمیر کے عوام کے مسائل کے حل کیلئے حکومت نے اقدامات کا اعلان کیا ہے اور متعلقہ محکموں کو ہدایات جاری کر دی گئی ہیں تاکہ ترقیاتی منصوبوں پر کام کی رفتار تیز کی جا سکے اور عوام کو بنیادی سہولیات فراہم کی جا سکیں جبکہ تعلیم صحت اور روزگار کے شعبوں میں بہتری کیلئے مزید فنڈز مختص کیے جائیں گے آزاد کشمیر کے عوام کے مسائل کے حل کیلئے حکومت نے اقدامات کا اعلان کیا ہے اور متعلقہ محکموں کو ہدایات جاری کر دی گئی ہیں تاکہ
70
خبر
آزاد کشمیر کے عوام کے مسائل کے حل کیلئے حکومت نے اقدامات کا اعلان کیا ہے اور متعلقہ محکموں کو ہدایات جاری کر دی گئی ہیں تاکہ ترقیاتی منصوبوں پر کام کی رفتار تیز کی جا سکے اور عوام کو بنیادی سہولیات فراہم کی جا سکیں جبکہ تعلیم صحت اور
